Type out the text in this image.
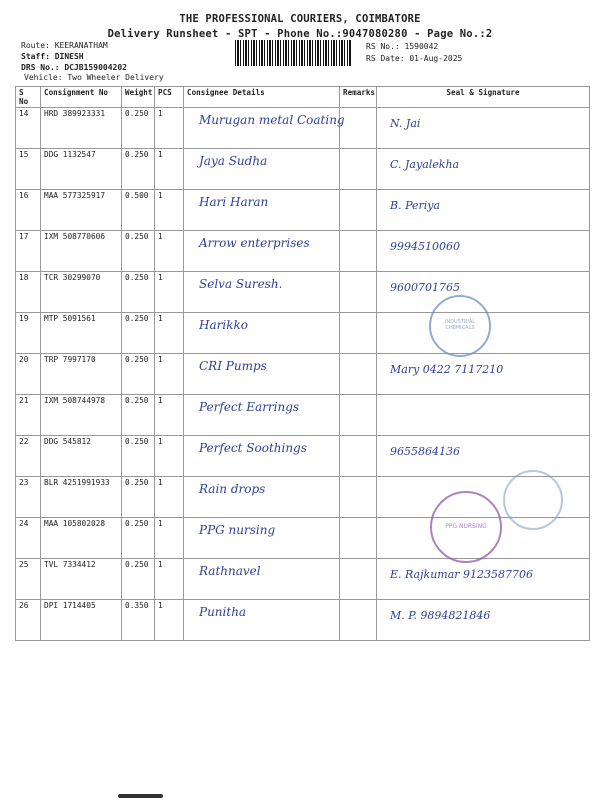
THE PROFESSIONAL COURIERS, COIMBATORE
Delivery Runsheet - SPT - Phone No.:9047080280 - Page No.:2
Route: KEERANATHAM
Staff: DINESH
DRS No.: DCJB159004202
Vehicle: Two Wheeler Delivery
RS No.: 1590042
RS Date: 01-Aug-2025
S No	Consignment No	Weight	PCS	Consignee Details	Remarks	Seal & Signature
14	HRD 389923331	0.250	1	Murugan metal Coating		N. Jai
15	DDG 1132547	0.250	1	Jaya Sudha		C. Jayalekha
16	MAA 577325917	0.500	1	Hari Haran		B. Periya
17	IXM 508770606	0.250	1	Arrow enterprises		9994510060
18	TCR 30299070	0.250	1	Selva Suresh.		9600701765
19	MTP 5091561	0.250	1	Harikko		
20	TRP 7997170	0.250	1	CRI Pumps		Mary 0422 7117210
21	IXM 508744978	0.250	1	Perfect Earrings		
22	DDG 545812	0.250	1	Perfect Soothings		9655864136
23	BLR 4251991933	0.250	1	Rain drops		
24	MAA 105802028	0.250	1	PPG nursing		
25	TVL 7334412	0.250	1	Rathnavel		E. Rajkumar 9123587706
26	DPI 1714405	0.350	1	Punitha		M. P. 9894821846
INDUSTRIAL CHEMICALS
PPG NURSING
